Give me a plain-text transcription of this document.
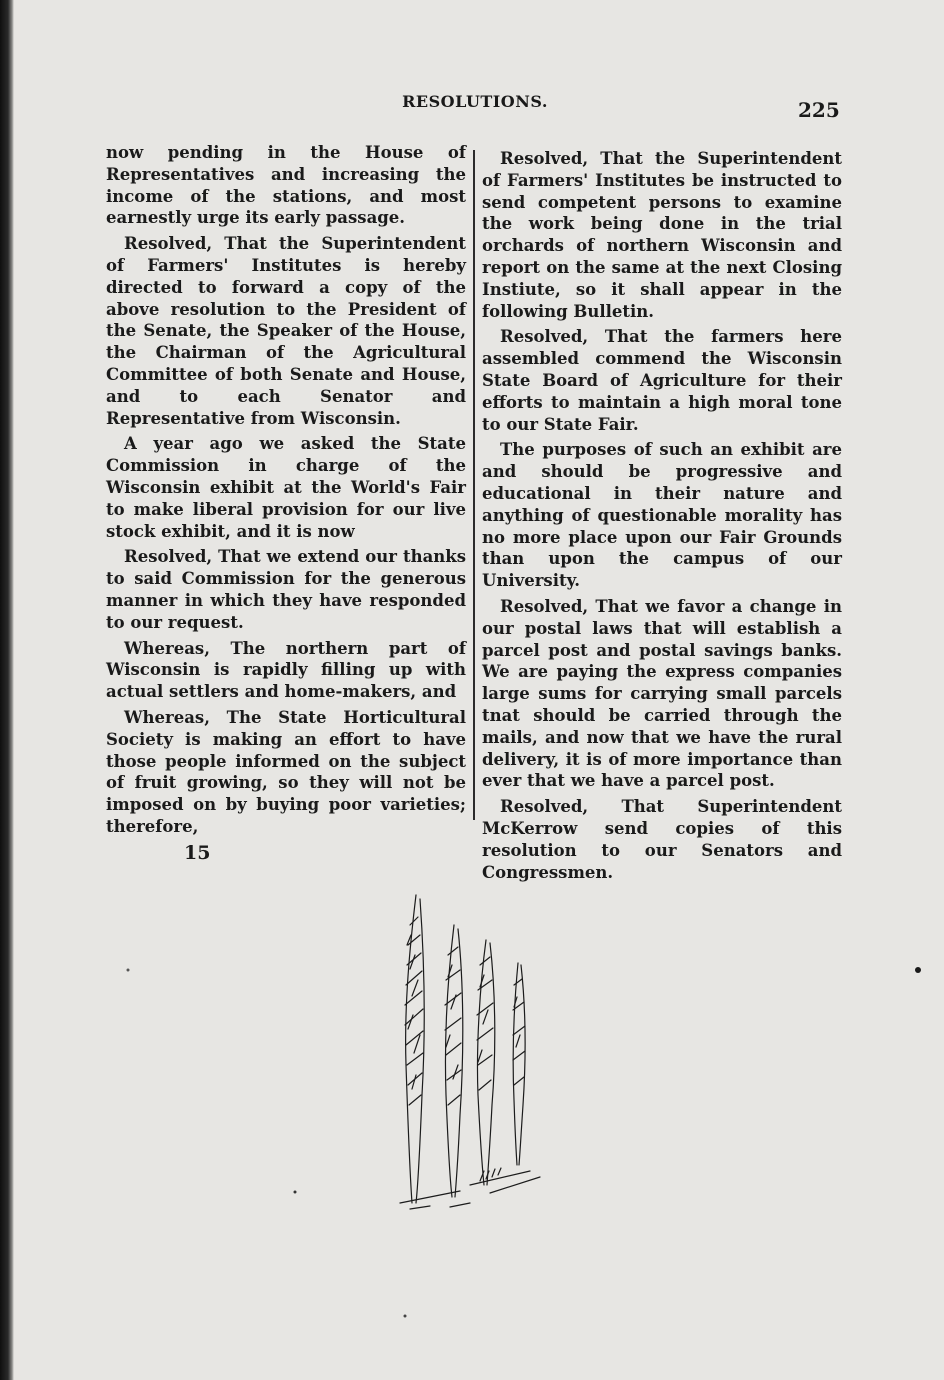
RESOLUTIONS.	225

now pending in the House of Representatives and increasing the income of the stations, and most earnestly urge its early passage.

Resolved, That the Superintendent of Farmers' Institutes is hereby directed to forward a copy of the above resolution to the President of the Senate, the Speaker of the House, the Chairman of the Agricultural Committee of both Senate and House, and to each Senator and Representative from Wisconsin.

A year ago we asked the State Commission in charge of the Wisconsin exhibit at the World's Fair to make liberal provision for our live stock exhibit, and it is now

Resolved, That we extend our thanks to said Commission for the generous manner in which they have responded to our request.

Whereas, The northern part of Wisconsin is rapidly filling up with actual settlers and home-makers, and

Whereas, The State Horticultural Society is making an effort to have those people informed on the subject of fruit growing, so they will not be imposed on by buying poor varieties; therefore,

Resolved, That the Superintendent of Farmers' Institutes be instructed to send competent persons to examine the work being done in the trial orchards of northern Wisconsin and report on the same at the next Closing Instiute, so it shall appear in the following Bulletin.

Resolved, That the farmers here assembled commend the Wisconsin State Board of Agriculture for their efforts to maintain a high moral tone to our State Fair.

The purposes of such an exhibit are and should be progressive and educational in their nature and anything of questionable morality has no more place upon our Fair Grounds than upon the campus of our University.

Resolved, That we favor a change in our postal laws that will establish a parcel post and postal savings banks. We are paying the express companies large sums for carrying small parcels tnat should be carried through the mails, and now that we have the rural delivery, it is of more importance than ever that we have a parcel post.

Resolved, That Superintendent McKerrow send copies of this resolution to our Senators and Congressmen.

15
